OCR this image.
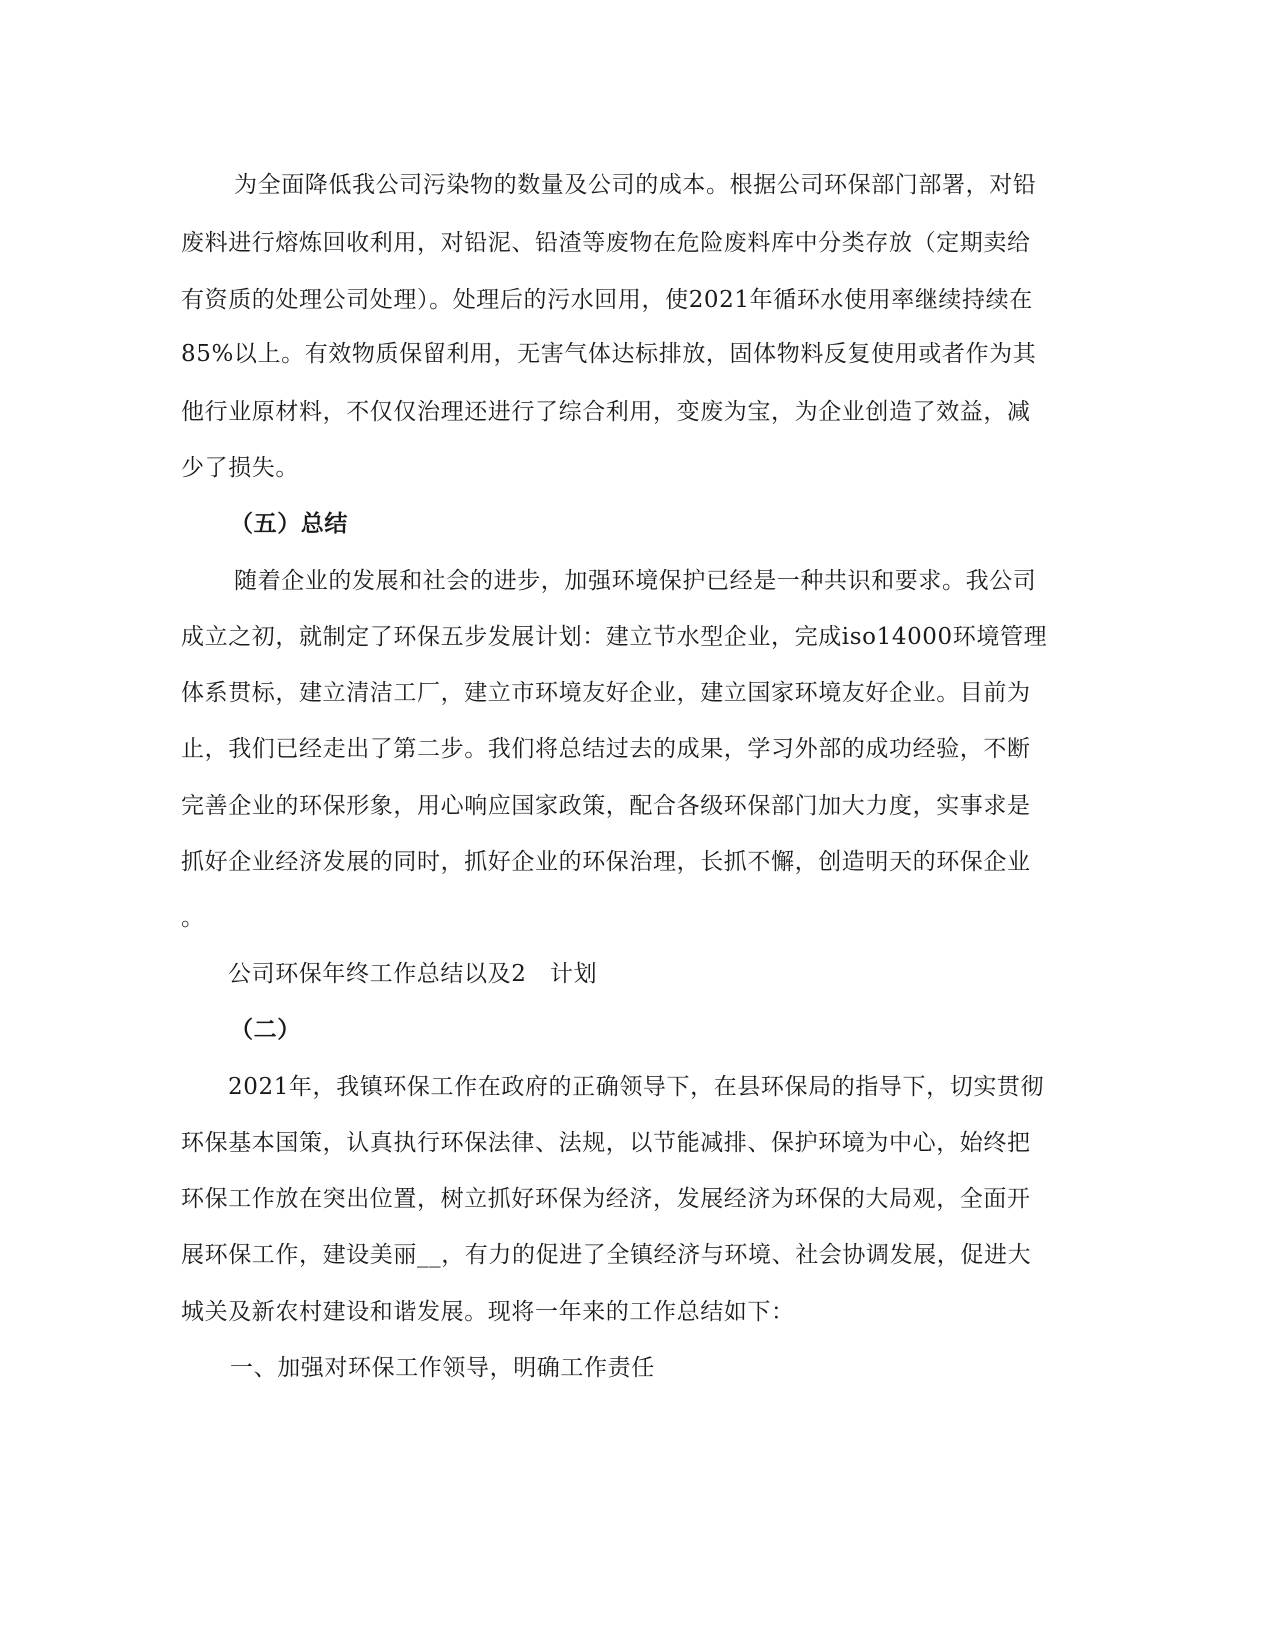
为全面降低我公司污染物的数量及公司的成本。根据公司环保部门部署，对铅
废料进行熔炼回收利用，对铅泥、铅渣等废物在危险废料库中分类存放（定期卖给
有资质的处理公司处理）。处理后的污水回用，使2021年循环水使用率继续持续在
85%以上。有效物质保留利用，无害气体达标排放，固体物料反复使用或者作为其
他行业原材料，不仅仅治理还进行了综合利用，变废为宝，为企业创造了效益，减
少了损失。
（五）总结
随着企业的发展和社会的进步，加强环境保护已经是一种共识和要求。我公司
成立之初，就制定了环保五步发展计划：建立节水型企业，完成iso14000环境管理
体系贯标，建立清洁工厂，建立市环境友好企业，建立国家环境友好企业。目前为
止，我们已经走出了第二步。我们将总结过去的成果，学习外部的成功经验，不断
完善企业的环保形象，用心响应国家政策，配合各级环保部门加大力度，实事求是
抓好企业经济发展的同时，抓好企业的环保治理，长抓不懈，创造明天的环保企业
。
公司环保年终工作总结以及2　计划
（二）
2021年，我镇环保工作在政府的正确领导下，在县环保局的指导下，切实贯彻
环保基本国策，认真执行环保法律、法规，以节能减排、保护环境为中心，始终把
环保工作放在突出位置，树立抓好环保为经济，发展经济为环保的大局观，全面开
展环保工作，建设美丽__，有力的促进了全镇经济与环境、社会协调发展，促进大
城关及新农村建设和谐发展。现将一年来的工作总结如下：
一、加强对环保工作领导，明确工作责任
